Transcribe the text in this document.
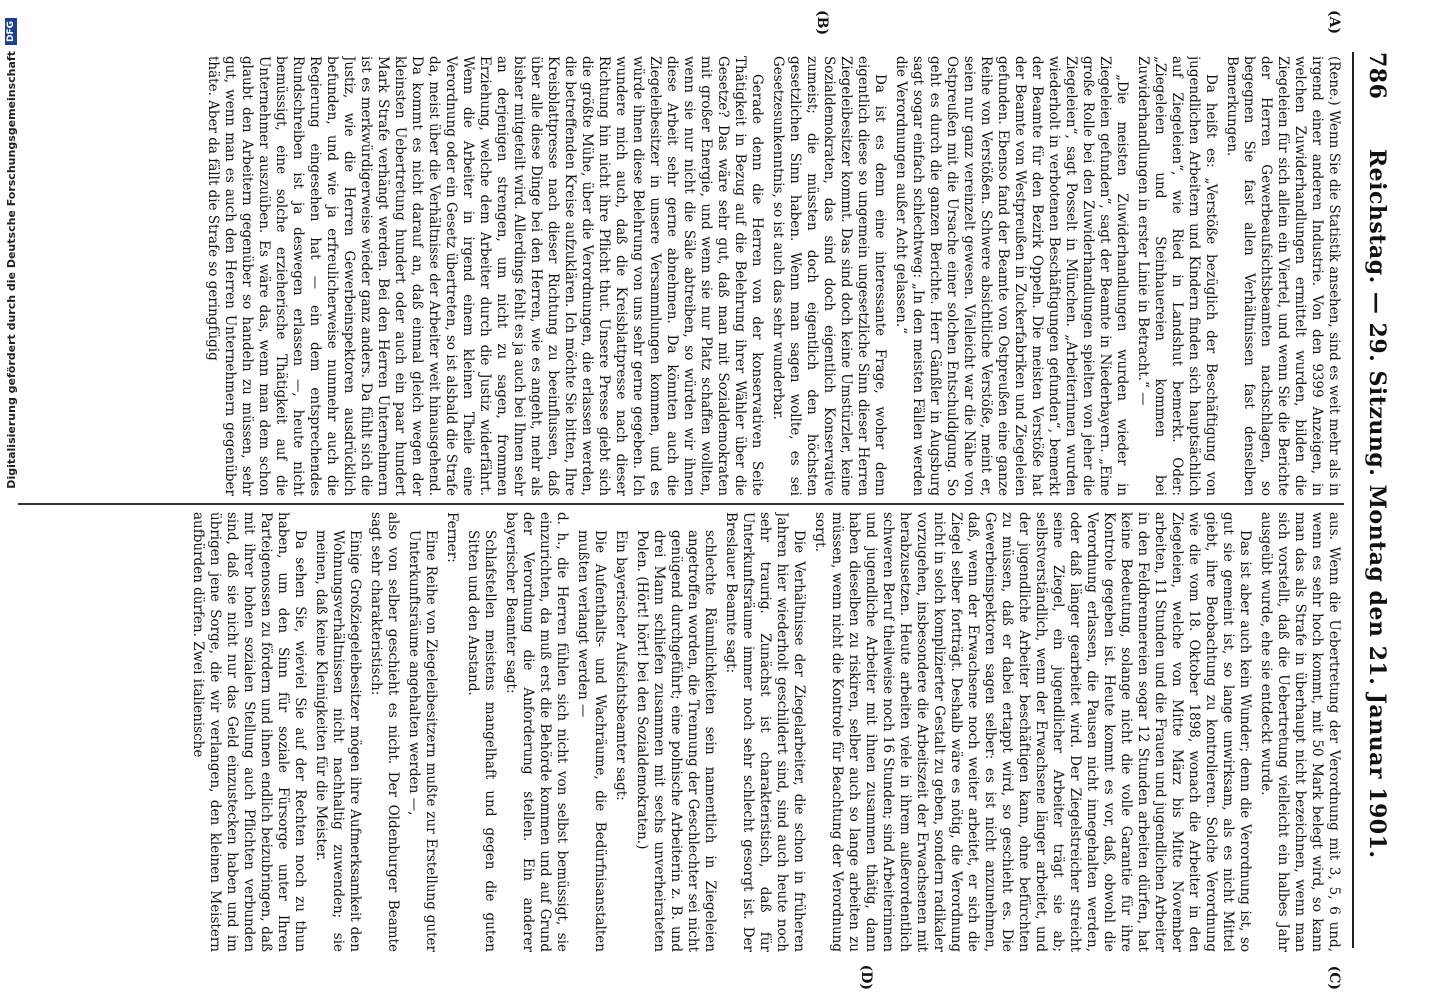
786
Reichstag. — 29. Sitzung. Montag den 21. Januar 1901.
(A)
(B)
(C)
(D)

(Rene.) Wenn Sie die Statistik ansehen, sind es weit mehr als in irgend einer anderen Industrie. Von den 9399 Anzeigen, in welchen Zuwiderhandlungen ermittelt wurden, bilden die Ziegeleien für sich allein ein Viertel, und wenn Sie die Berichte der Herren Gewerbeaufsichtsbeamten nachschlagen, so begegnen Sie fast allen Verhältnissen fast denselben Bemerkungen.

Da heißt es: „Verstöße bezüglich der Beschäftigung von jugendlichen Arbeitern und Kindern finden sich hauptsächlich auf Ziegeleien“, wie Ried in Landshut bemerkt. Oder: „Ziegeleien und Steinhauereien kommen bei Zuwiderhandlungen in erster Linie in Betracht.“ —

„Die meisten Zuwiderhandlungen wurden wieder in Ziegeleien gefunden“, sagt der Beamte in Niederbayern. „Eine große Rolle bei den Zuwiderhandlungen spielten von jeher die Ziegeleien“, sagt Posselt in München. „Arbeiterinnen wurden wiederholt in verbotenen Beschäftigungen gefunden“, bemerkt der Beamte für den Bezirk Oppeln. Die meisten Verstöße hat der Beamte von Westpreußen in Zuckerfabriken und Ziegeleien gefunden. Ebenso fand der Beamte von Ostpreußen eine ganze Reihe von Verstößen. Schwere absichtliche Verstöße, meint er, seien nur ganz vereinzelt gewesen. Vielleicht war die Nähe von Ostpreußen mit die Ursache einer solchen Entschuldigung. So geht es durch die ganzen Berichte. Herr Gänßler in Augsburg sagt sogar einfach schlechtweg: „In den meisten Fällen werden die Verordnungen außer Acht gelassen.“

Da ist es denn eine interessante Frage, woher denn eigentlich diese so ungemein ungesetzliche Sinn dieser Herren Ziegeleibesitzer kommt. Das sind doch keine Umstürzler, keine Sozialdemokraten, das sind doch eigentlich Konservative zumeist; die müssten doch eigentlich den höchsten gesetzlichen Sinn haben. Wenn man sagen wollte, es sei Gesetzesunkenntnis, so ist auch das sehr wunderbar.

Gerade denn die Herren von der konservativen Seite Thätigkeit in Bezug auf die Belehrung ihrer Wähler über die Gesetze? Das wäre sehr gut, daß man mit Sozialdemokraten mit großer Energie, und wenn sie nur Platz schaffen wollten, wenn sie nur nicht die Säle abtreiben, so würden wir ihnen diese Arbeit sehr gerne abnehmen. Da könnten auch die Ziegeleibesitzer in unsere Versammlungen kommen, und es würde ihnen diese Belehrung von uns sehr gerne gegeben. Ich wundere mich auch, daß die Kreisblattpresse nach dieser Richtung hin nicht ihre Pflicht thut. Unsere Presse giebt sich die größte Mühe, über die Verordnungen, die erlassen werden, die betreffenden Kreise aufzuklären. Ich möchte Sie bitten, Ihre Kreisblattpresse nach dieser Richtung zu beeinflussen, daß über alle diese Dinge bei den Herren, wie es angeht, mehr als bisher mitgeteilt wird. Allerdings fehlt es ja auch bei Ihnen sehr an derjenigen strengen, um nicht zu sagen, frommen Erziehung, welche dem Arbeiter durch die Justiz widerfährt. Wenn die Arbeiter in irgend einem kleinen Theile eine Verordnung oder ein Gesetz übertreten, so ist alsbald die Strafe da, meist über die Verhältnisse der Arbeiter weit hinausgehend. Da kommt es nicht darauf an, daß einmal gleich wegen der kleinsten Uebertretung hundert oder auch ein paar hundert Mark Strafe verhängt werden. Bei den Herren Unternehmern ist es merkwürdigerweise wieder ganz anders. Da fühlt sich die Justiz, wie die Herren Gewerbeinspektoren ausdrücklich befunden, und wie ja erfreulicherweise nunmehr auch die Regierung eingesehen hat — ein dem entsprechendes Rundschreiben ist ja deswegen erlassen —, heute nicht bemüssigt, eine solche erzieherische Thätigkeit auf die Unternehmer auszuüben. Es wäre das, wenn man dem schon glaubt den Arbeitern gegenüber so handeln zu müssen, sehr gut, wenn man es auch den Herren Unternehmern gegenüber thäte. Aber da fällt die Strafe so geringfügig

aus. Wenn die Uebertretung der Verordnung mit 3, 5, 6 und, wenn es sehr hoch kommt, mit 50 Mark belegt wird, so kann man das als Strafe in überhaupt nicht bezeichnen, wenn man sich vorstellt, daß die Uebertretung vielleicht ein halbes Jahr ausgeübt wurde, ehe sie entdeckt wurde.

Das ist aber auch kein Wunder; denn die Verordnung ist, so gut sie gemeint ist, so lange unwirksam, als es nicht Mittel giebt, ihre Beobachtung zu kontrolieren. Solche Verordnung wie die vom 18. Oktober 1898, wonach die Arbeiter in den Ziegeleien, welche von Mitte März bis Mitte November arbeiten, 11 Stunden und die Frauen und jugendlichen Arbeiter in den Feldbrennereien sogar 12 Stunden arbeiten dürfen, hat keine Bedeutung, solange nicht die volle Garantie für ihre Kontrole gegeben ist. Heute kommt es vor, daß, obwohl die Verordnung erlassen, die Pausen nicht innegehalten werden, oder daß länger gearbeitet wird. Der Ziegelstreicher streicht seine Ziegel, ein jugendlicher Arbeiter trägt sie ab; selbstverständlich, wenn der Erwachsene länger arbeitet, und der jugendliche Arbeiter beschäftigen kann, ohne befürchten zu müssen, daß er dabei ertappt wird, so geschieht es. Die Gewerbeinspektoren sagen selber: es ist nicht anzunehmen, daß, wenn der Erwachsene noch weiter arbeitet, er sich die Ziegel selber fortträgt. Deshalb wäre es nötig, die Verordnung nicht in solch komplizierter Gestalt zu geben, sondern radikaler vorzugehen, insbesondere die Arbeitszeit der Erwachsenen mit herabzusetzen. Heute arbeiten viele in ihrem außerordentlich schweren Beruf theilweise noch 16 Stunden; sind Arbeiterinnen und jugendliche Arbeiter mit ihnen zusammen thätig, dann haben dieselben zu riskiren, selber auch so lange arbeiten zu müssen, wenn nicht die Kontrole für Beachtung der Verordnung sorgt.

Die Verhältnisse der Ziegelarbeiter, die schon in früheren Jahren hier wiederholt geschildert sind, sind auch heute noch sehr traurig. Zunächst ist charakteristisch, daß für Unterkunftsräume immer noch sehr schlecht gesorgt ist. Der Breslauer Beamte sagt:

schlechte Räumlichkeiten sein namentlich in Ziegeleien angetroffen worden, die Trennung der Geschlechter sei nicht genügend durchgeführt; eine polnische Arbeiterin z. B. und drei Mann schliefen zusammen mit sechs unverheirateten Polen. (Hört! hört! bei den Sozialdemokraten.)

Ein bayerischer Aufsichtsbeamter sagt:

Die Aufenthalts- und Wachräume, die Bedürfnisanstalten mußten verlangt werden —

d. h., die Herren fühlen sich nicht von selbst bemüssigt, sie einzurichten, da muß erst die Behörde kommen und auf Grund der Verordnung die Anforderung stellen. Ein anderer bayerischer Beamter sagt:

Schlafstellen meistens mangelhaft und gegen die guten Sitten und den Anstand.

Ferner:

Eine Reihe von Ziegeleibesitzern mußte zur Erstellung guter Unterkunftsräume angehalten werden —,

also von selber geschieht es nicht. Der Oldenburger Beamte sagt sehr charakteristisch:

Einige Großziegeleibesitzer mögen ihre Aufmerksamkeit den Wohnungsverhältnissen nicht nachhaltig zuwenden; sie meinen, daß keine Kleinigkeiten für die Meister.

Da sehen Sie, wieviel Sie auf der Rechten noch zu thun haben, um den Sinn für soziale Fürsorge unter Ihren Parteigenossen zu fördern und ihnen endlich beizubringen, daß mit ihrer hohen sozialen Stellung auch Pflichten verbunden sind, daß sie nicht nur das Geld einzustecken haben und im übrigen jene Sorge, die wir verlangen, den kleinen Meistern aufbürden dürfen. Zwei italienische

Digitalisierung gefördert durch die Deutsche Forschungsgemeinschaft
DFG
